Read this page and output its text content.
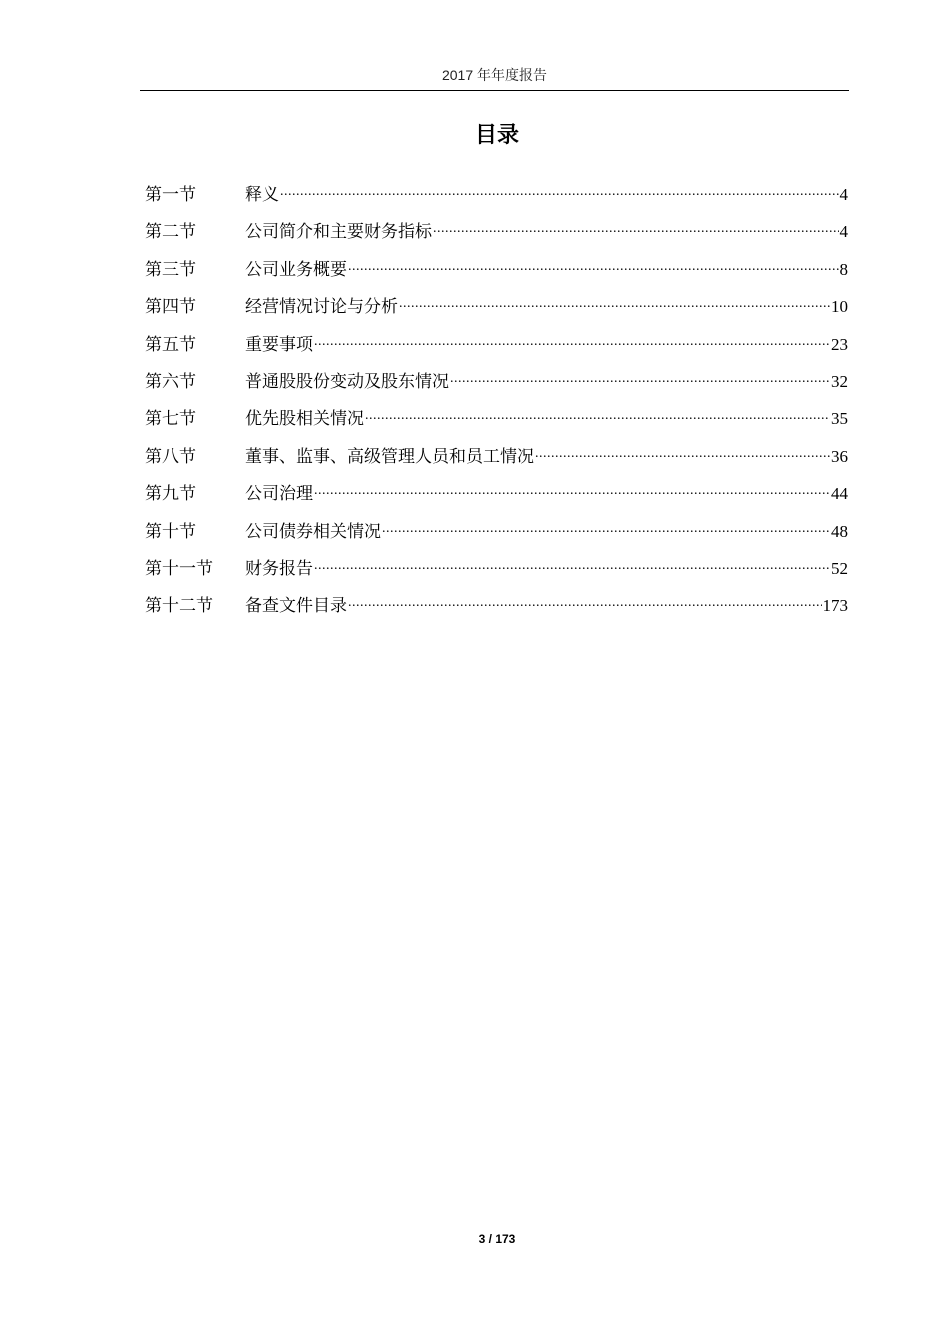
2017 年年度报告
目录
第一节	释义 .....	4
第二节	公司简介和主要财务指标 .....	4
第三节	公司业务概要 .....	8
第四节	经营情况讨论与分析 .....	10
第五节	重要事项 .....	23
第六节	普通股股份变动及股东情况 .....	32
第七节	优先股相关情况 .....	35
第八节	董事、监事、高级管理人员和员工情况 .....	36
第九节	公司治理 .....	44
第十节	公司债券相关情况 .....	48
第十一节	财务报告 .....	52
第十二节	备查文件目录 .....	173
3 / 173
